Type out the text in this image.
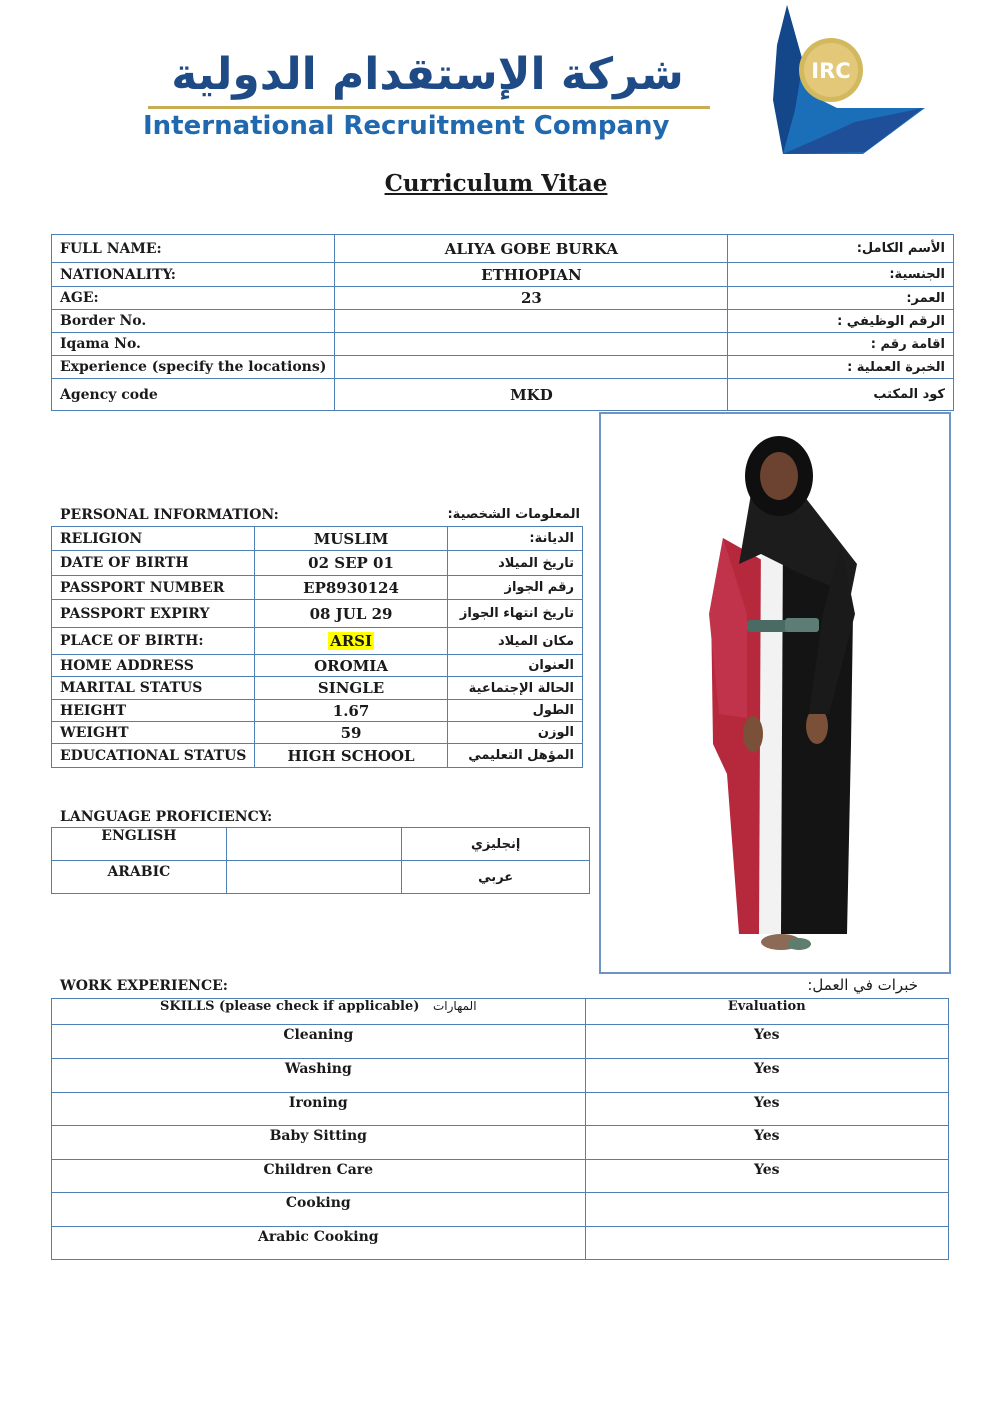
شركة الإستقدام الدولية
International Recruitment Company
IRC
Curriculum Vitae
FULL NAME:	ALIYA GOBE BURKA	الأسم الكامل:
NATIONALITY:	ETHIOPIAN	الجنسية:
AGE:	23	العمر:
Border No.		الرقم الوظيفي :
Iqama No.		اقامة رقم :
Experience (specify the locations)		الخبرة العملية :
Agency code	MKD	كود المكتب
PERSONAL INFORMATION:	المعلومات الشخصية:
RELIGION	MUSLIM	الديانة:
DATE OF BIRTH	02 SEP 01	تاريخ الميلاد
PASSPORT NUMBER	EP8930124	رقم الجواز
PASSPORT EXPIRY	08 JUL 29	تاريخ انتهاء الجواز
PLACE OF BIRTH:	ARSI	مكان الميلاد
HOME ADDRESS	OROMIA	العنوان
MARITAL STATUS	SINGLE	الحالة الإجتماعية
HEIGHT	1.67	الطول
WEIGHT	59	الوزن
EDUCATIONAL STATUS	HIGH SCHOOL	المؤهل التعليمي
LANGUAGE PROFICIENCY:
ENGLISH		إنجليزي
ARABIC		عربي
WORK EXPERIENCE:	خبرات في العمل:
SKILLS (please check if applicable) المهارات	Evaluation
Cleaning	Yes
Washing	Yes
Ironing	Yes
Baby Sitting	Yes
Children Care	Yes
Cooking	
Arabic Cooking	
